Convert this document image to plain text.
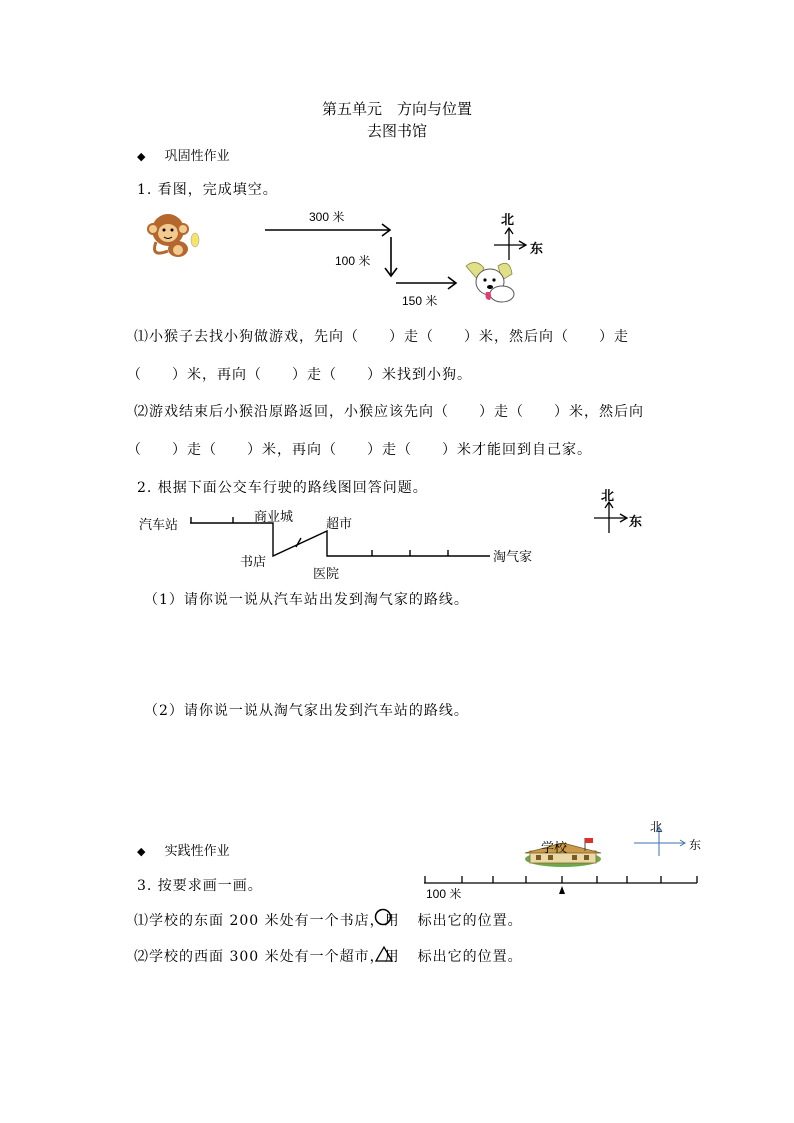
第五单元　方向与位置
去图书馆
◆ 巩固性作业
1. 看图，完成填空。
300 米
100 米
150 米
北
东
⑴小猴子去找小狗做游戏，先向（　　）走（　　）米，然后向（　　）走
（　　）米，再向（　　）走（　　）米找到小狗。
⑵游戏结束后小猴沿原路返回，小猴应该先向（　　）走（　　）米，然后向
（　　）走（　　）米，再向（　　）走（　　）米才能回到自己家。
2. 根据下面公交车行驶的路线图回答问题。
汽车站
商业城	超市
书店
医院
淘气家
北
东
（1）请你说一说从汽车站出发到淘气家的路线。
（2）请你说一说从淘气家出发到汽车站的路线。
◆ 实践性作业	学校
100 米
北
东
3. 按要求画一画。
⑴学校的东面 200 米处有一个书店，用 标出它的位置。
⑵学校的西面 300 米处有一个超市，用 标出它的位置。
